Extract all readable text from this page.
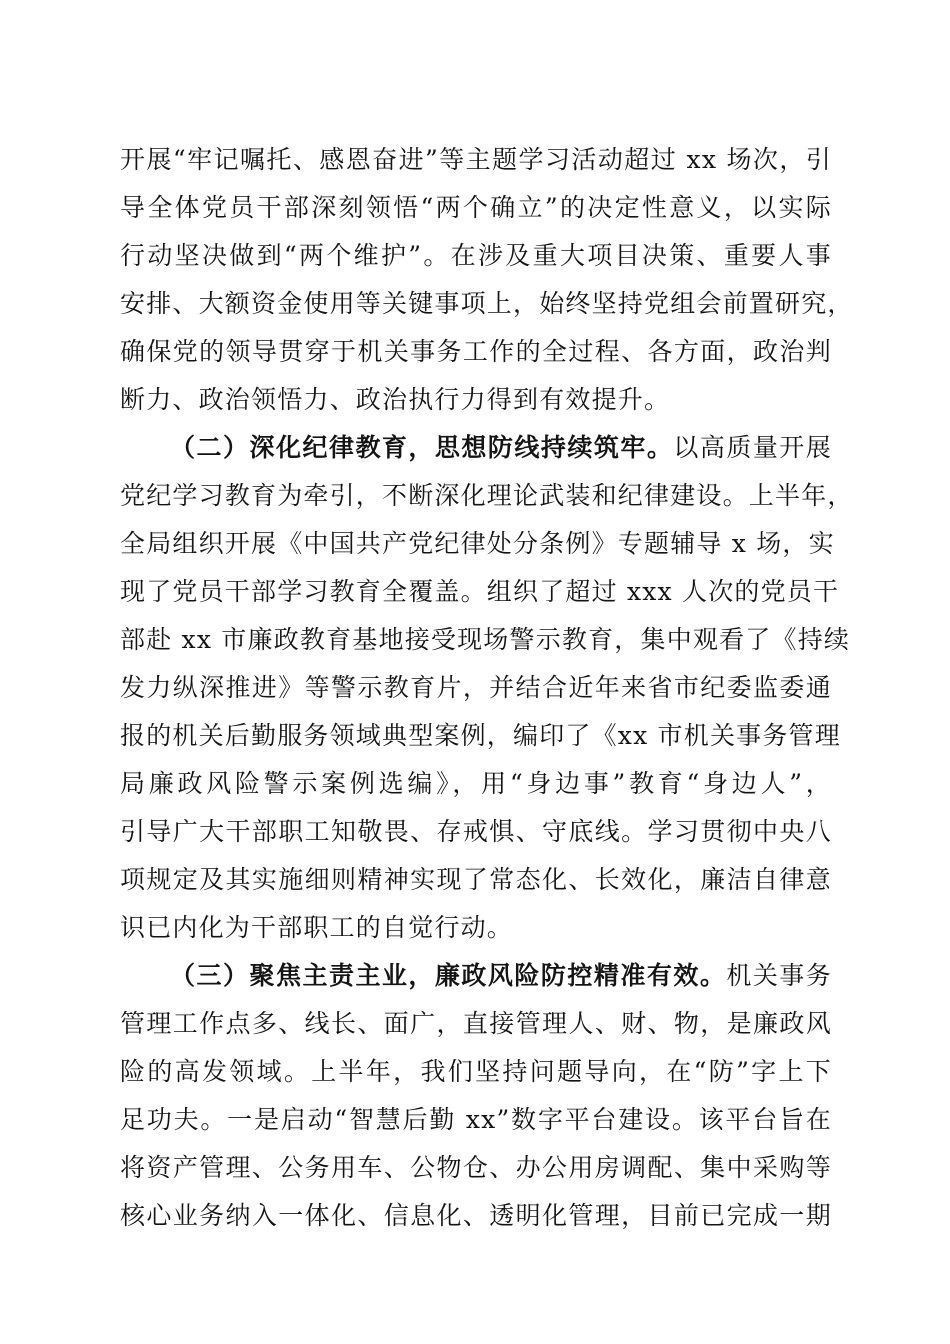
开展“牢记嘱托、感恩奋进”等主题学习活动超过 xx 场次，引
导全体党员干部深刻领悟“两个确立”的决定性意义，以实际
行动坚决做到“两个维护”。在涉及重大项目决策、重要人事
安排、大额资金使用等关键事项上，始终坚持党组会前置研究，
确保党的领导贯穿于机关事务工作的全过程、各方面，政治判
断力、政治领悟力、政治执行力得到有效提升。
（二）深化纪律教育，思想防线持续筑牢。以高质量开展
党纪学习教育为牵引，不断深化理论武装和纪律建设。上半年，
全局组织开展《中国共产党纪律处分条例》专题辅导 x 场，实
现了党员干部学习教育全覆盖。组织了超过 xxx 人次的党员干
部赴 xx 市廉政教育基地接受现场警示教育，集中观看了《持续
发力纵深推进》等警示教育片，并结合近年来省市纪委监委通
报的机关后勤服务领域典型案例，编印了《xx 市机关事务管理
局廉政风险警示案例选编》，用“身边事”教育“身边人”，
引导广大干部职工知敬畏、存戒惧、守底线。学习贯彻中央八
项规定及其实施细则精神实现了常态化、长效化，廉洁自律意
识已内化为干部职工的自觉行动。
（三）聚焦主责主业，廉政风险防控精准有效。机关事务
管理工作点多、线长、面广，直接管理人、财、物，是廉政风
险的高发领域。上半年，我们坚持问题导向，在“防”字上下
足功夫。一是启动“智慧后勤 xx”数字平台建设。该平台旨在
将资产管理、公务用车、公物仓、办公用房调配、集中采购等
核心业务纳入一体化、信息化、透明化管理，目前已完成一期
